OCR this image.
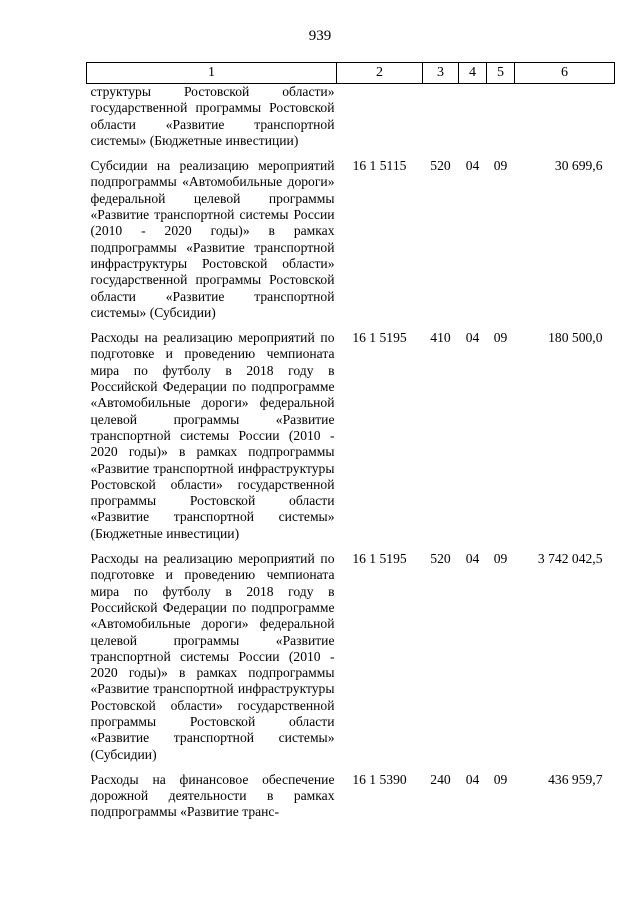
939
1	2	3	4	5	6
структуры Ростовской области» государственной программы Ростовской области «Развитие транспортной системы» (Бюджетные инвестиции)					

Субсидии на реализацию мероприятий подпрограммы «Автомобильные дороги» федеральной целевой программы «Развитие транспортной системы России (2010 - 2020 годы)» в рамках подпрограммы «Развитие транспортной инфраструктуры Ростовской области» государственной программы Ростовской области «Развитие транспортной системы» (Субсидии)	16 1 5115	520	04	09	30 699,6

Расходы на реализацию мероприятий по подготовке и проведению чемпионата мира по футболу в 2018 году в Российской Федерации по подпрограмме «Автомобильные дороги» федеральной целевой программы «Развитие транспортной системы России (2010 - 2020 годы)» в рамках подпрограммы «Развитие транспортной инфраструктуры Ростовской области» государственной программы Ростовской области «Развитие транспортной системы» (Бюджетные инвестиции)	16 1 5195	410	04	09	180 500,0

Расходы на реализацию мероприятий по подготовке и проведению чемпионата мира по футболу в 2018 году в Российской Федерации по подпрограмме «Автомобильные дороги» федеральной целевой программы «Развитие транспортной системы России (2010 - 2020 годы)» в рамках подпрограммы «Развитие транспортной инфраструктуры Ростовской области» государственной программы Ростовской области «Развитие транспортной системы» (Субсидии)	16 1 5195	520	04	09	3 742 042,5

Расходы на финансовое обеспечение дорожной деятельности в рамках подпрограммы «Развитие транс-	16 1 5390	240	04	09	436 959,7
